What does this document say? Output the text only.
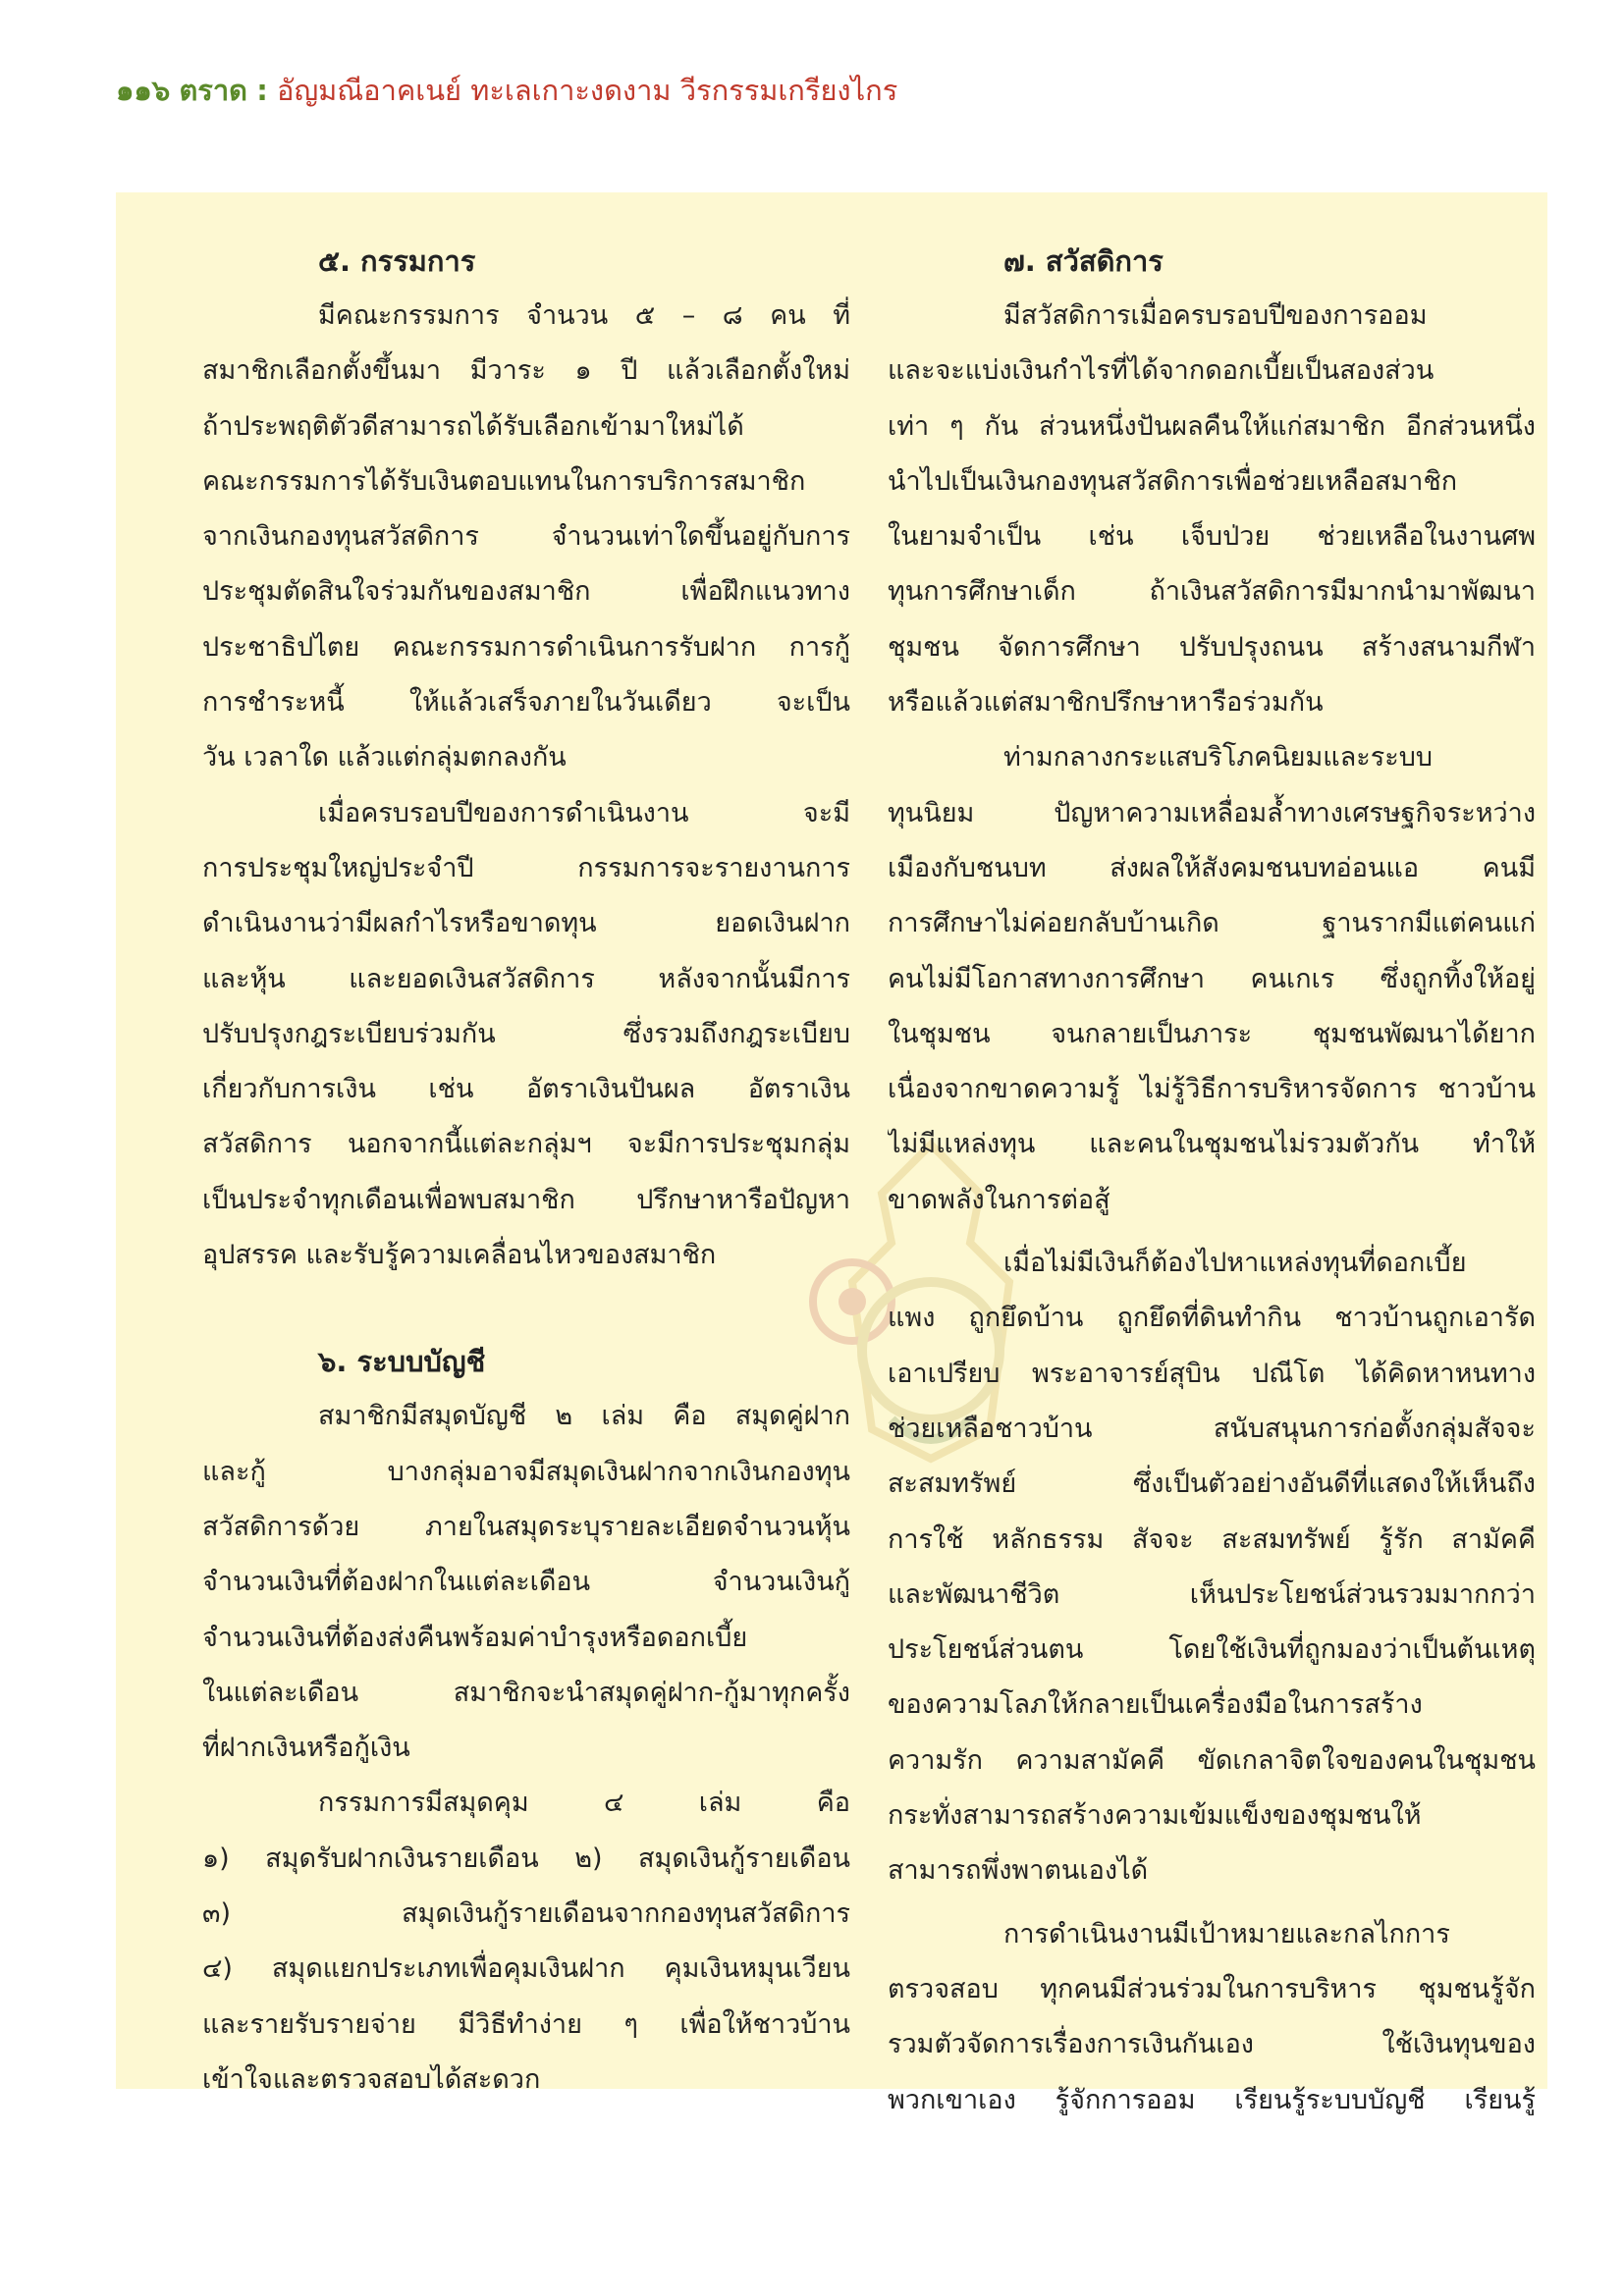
๑๑๖ ตราด : อัญมณีอาคเนย์ ทะเลเกาะงดงาม วีรกรรมเกรียงไกร

๕. กรรมการ

มีคณะกรรมการ จำนวน ๕ – ๘ คน ที่

สมาชิกเลือกตั้งขึ้นมา มีวาระ ๑ ปี แล้วเลือกตั้งใหม่

ถ้าประพฤติตัวดีสามารถได้รับเลือกเข้ามาใหม่ได้

คณะกรรมการได้รับเงินตอบแทนในการบริการสมาชิก

จากเงินกองทุนสวัสดิการ จำนวนเท่าใดขึ้นอยู่กับการ

ประชุมตัดสินใจร่วมกันของสมาชิก เพื่อฝึกแนวทาง

ประชาธิปไตย คณะกรรมการดำเนินการรับฝาก การกู้

การชำระหนี้ ให้แล้วเสร็จภายในวันเดียว จะเป็น

วัน เวลาใด แล้วแต่กลุ่มตกลงกัน

เมื่อครบรอบปีของการดำเนินงาน จะมี

การประชุมใหญ่ประจำปี กรรมการจะรายงานการ

ดำเนินงานว่ามีผลกำไรหรือขาดทุน ยอดเงินฝาก

และหุ้น และยอดเงินสวัสดิการ หลังจากนั้นมีการ

ปรับปรุงกฎระเบียบร่วมกัน ซึ่งรวมถึงกฎระเบียบ

เกี่ยวกับการเงิน เช่น อัตราเงินปันผล อัตราเงิน

สวัสดิการ นอกจากนี้แต่ละกลุ่มฯ จะมีการประชุมกลุ่ม

เป็นประจำทุกเดือนเพื่อพบสมาชิก ปรึกษาหารือปัญหา

อุปสรรค และรับรู้ความเคลื่อนไหวของสมาชิก

๖. ระบบบัญชี

สมาชิกมีสมุดบัญชี ๒ เล่ม คือ สมุดคู่ฝาก

และกู้ บางกลุ่มอาจมีสมุดเงินฝากจากเงินกองทุน

สวัสดิการด้วย ภายในสมุดระบุรายละเอียดจำนวนหุ้น

จำนวนเงินที่ต้องฝากในแต่ละเดือน จำนวนเงินกู้

จำนวนเงินที่ต้องส่งคืนพร้อมค่าบำรุงหรือดอกเบี้ย

ในแต่ละเดือน สมาชิกจะนำสมุดคู่ฝาก-กู้มาทุกครั้ง

ที่ฝากเงินหรือกู้เงิน

กรรมการมีสมุดคุม ๔ เล่ม คือ

๑) สมุดรับฝากเงินรายเดือน ๒) สมุดเงินกู้รายเดือน

๓) สมุดเงินกู้รายเดือนจากกองทุนสวัสดิการ

๔) สมุดแยกประเภทเพื่อคุมเงินฝาก คุมเงินหมุนเวียน

และรายรับรายจ่าย มีวิธีทำง่าย ๆ เพื่อให้ชาวบ้าน

เข้าใจและตรวจสอบได้สะดวก

๗. สวัสดิการ

มีสวัสดิการเมื่อครบรอบปีของการออม

และจะแบ่งเงินกำไรที่ได้จากดอกเบี้ยเป็นสองส่วน

เท่า ๆ กัน ส่วนหนึ่งปันผลคืนให้แก่สมาชิก อีกส่วนหนึ่ง

นำไปเป็นเงินกองทุนสวัสดิการเพื่อช่วยเหลือสมาชิก

ในยามจำเป็น เช่น เจ็บป่วย ช่วยเหลือในงานศพ

ทุนการศึกษาเด็ก ถ้าเงินสวัสดิการมีมากนำมาพัฒนา

ชุมชน จัดการศึกษา ปรับปรุงถนน สร้างสนามกีฬา

หรือแล้วแต่สมาชิกปรึกษาหารือร่วมกัน

ท่ามกลางกระแสบริโภคนิยมและระบบ

ทุนนิยม ปัญหาความเหลื่อมล้ำทางเศรษฐกิจระหว่าง

เมืองกับชนบท ส่งผลให้สังคมชนบทอ่อนแอ คนมี

การศึกษาไม่ค่อยกลับบ้านเกิด ฐานรากมีแต่คนแก่

คนไม่มีโอกาสทางการศึกษา คนเกเร ซึ่งถูกทิ้งให้อยู่

ในชุมชน จนกลายเป็นภาระ ชุมชนพัฒนาได้ยาก

เนื่องจากขาดความรู้ ไม่รู้วิธีการบริหารจัดการ ชาวบ้าน

ไม่มีแหล่งทุน และคนในชุมชนไม่รวมตัวกัน ทำให้

ขาดพลังในการต่อสู้

เมื่อไม่มีเงินก็ต้องไปหาแหล่งทุนที่ดอกเบี้ย

แพง ถูกยึดบ้าน ถูกยึดที่ดินทำกิน ชาวบ้านถูกเอารัด

เอาเปรียบ พระอาจารย์สุบิน ปณีโต ได้คิดหาหนทาง

ช่วยเหลือชาวบ้าน สนับสนุนการก่อตั้งกลุ่มสัจจะ

สะสมทรัพย์ ซึ่งเป็นตัวอย่างอันดีที่แสดงให้เห็นถึง

การใช้ หลักธรรม สัจจะ สะสมทรัพย์ รู้รัก สามัคคี

และพัฒนาชีวิต เห็นประโยชน์ส่วนรวมมากกว่า

ประโยชน์ส่วนตน โดยใช้เงินที่ถูกมองว่าเป็นต้นเหตุ

ของความโลภให้กลายเป็นเครื่องมือในการสร้าง

ความรัก ความสามัคคี ขัดเกลาจิตใจของคนในชุมชน

กระทั่งสามารถสร้างความเข้มแข็งของชุมชนให้

สามารถพึ่งพาตนเองได้

การดำเนินงานมีเป้าหมายและกลไกการ

ตรวจสอบ ทุกคนมีส่วนร่วมในการบริหาร ชุมชนรู้จัก

รวมตัวจัดการเรื่องการเงินกันเอง ใช้เงินทุนของ

พวกเขาเอง รู้จักการออม เรียนรู้ระบบบัญชี เรียนรู้
